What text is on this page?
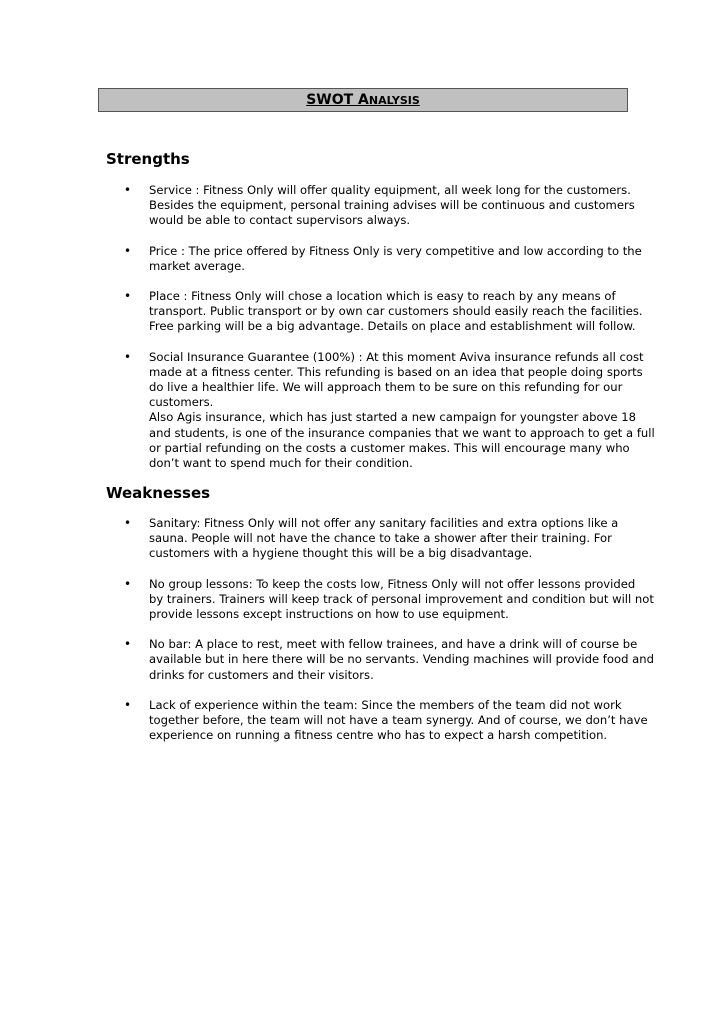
SWOT ANALYSIS
Strengths
• Service : Fitness Only will offer quality equipment, all week long for the customers.
Besides the equipment, personal training advises will be continuous and customers
would be able to contact supervisors always.
• Price : The price offered by Fitness Only is very competitive and low according to the
market average.
• Place : Fitness Only will chose a location which is easy to reach by any means of
transport. Public transport or by own car customers should easily reach the facilities.
Free parking will be a big advantage. Details on place and establishment will follow.
• Social Insurance Guarantee (100%) : At this moment Aviva insurance refunds all cost
made at a fitness center. This refunding is based on an idea that people doing sports
do live a healthier life. We will approach them to be sure on this refunding for our
customers.
Also Agis insurance, which has just started a new campaign for youngster above 18
and students, is one of the insurance companies that we want to approach to get a full
or partial refunding on the costs a customer makes. This will encourage many who
don’t want to spend much for their condition.
Weaknesses
• Sanitary: Fitness Only will not offer any sanitary facilities and extra options like a
sauna. People will not have the chance to take a shower after their training. For
customers with a hygiene thought this will be a big disadvantage.
• No group lessons: To keep the costs low, Fitness Only will not offer lessons provided
by trainers. Trainers will keep track of personal improvement and condition but will not
provide lessons except instructions on how to use equipment.
• No bar: A place to rest, meet with fellow trainees, and have a drink will of course be
available but in here there will be no servants. Vending machines will provide food and
drinks for customers and their visitors.
• Lack of experience within the team: Since the members of the team did not work
together before, the team will not have a team synergy. And of course, we don’t have
experience on running a fitness centre who has to expect a harsh competition.
